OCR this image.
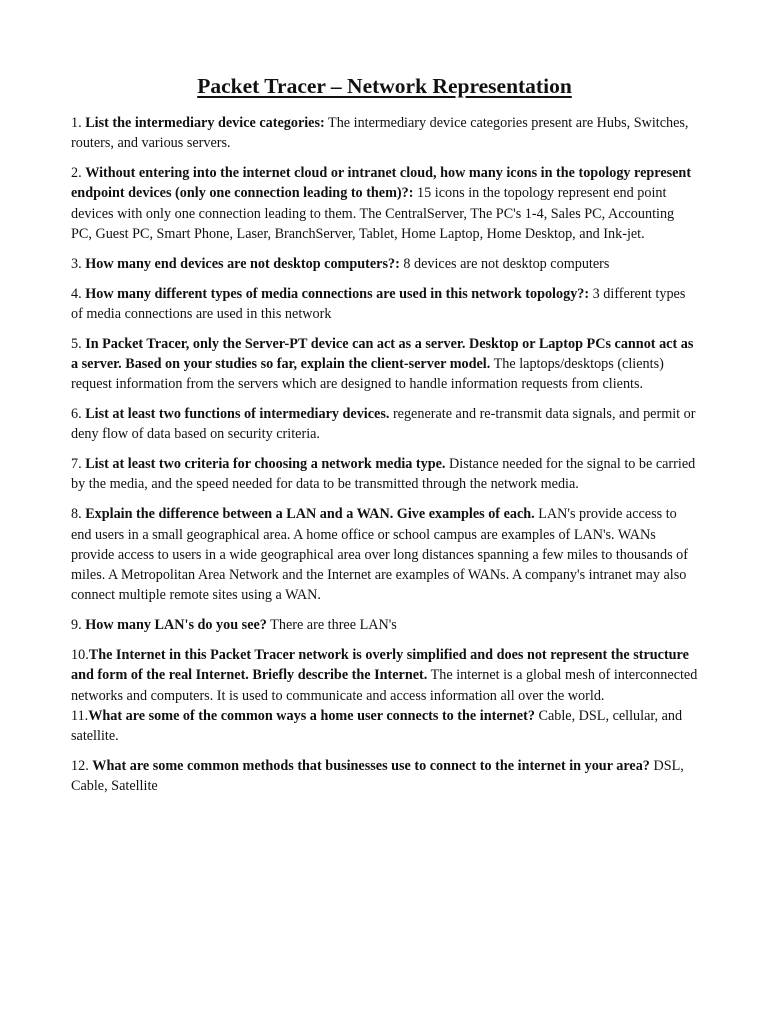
Packet Tracer – Network Representation

1. List the intermediary device categories: The intermediary device categories present are Hubs, Switches, routers, and various servers.

2. Without entering into the internet cloud or intranet cloud, how many icons in the topology represent endpoint devices (only one connection leading to them)?: 15 icons in the topology represent end point devices with only one connection leading to them. The CentralServer, The PC's 1-4, Sales PC, Accounting PC, Guest PC, Smart Phone, Laser, BranchServer, Tablet, Home Laptop, Home Desktop, and Ink-jet.

3. How many end devices are not desktop computers?: 8 devices are not desktop computers

4. How many different types of media connections are used in this network topology?: 3 different types of media connections are used in this network

5. In Packet Tracer, only the Server-PT device can act as a server. Desktop or Laptop PCs cannot act as a server. Based on your studies so far, explain the client-server model. The laptops/desktops (clients) request information from the servers which are designed to handle information requests from clients.

6. List at least two functions of intermediary devices. regenerate and re-transmit data signals, and permit or deny flow of data based on security criteria.

7. List at least two criteria for choosing a network media type. Distance needed for the signal to be carried by the media, and the speed needed for data to be transmitted through the network media.

8. Explain the difference between a LAN and a WAN. Give examples of each. LAN's provide access to end users in a small geographical area. A home office or school campus are examples of LAN's. WANs provide access to users in a wide geographical area over long distances spanning a few miles to thousands of miles. A Metropolitan Area Network and the Internet are examples of WANs. A company's intranet may also connect multiple remote sites using a WAN.

9. How many LAN's do you see? There are three LAN's

10.The Internet in this Packet Tracer network is overly simplified and does not represent the structure and form of the real Internet. Briefly describe the Internet. The internet is a global mesh of interconnected networks and computers. It is used to communicate and access information all over the world.

11.What are some of the common ways a home user connects to the internet? Cable, DSL, cellular, and satellite.

12. What are some common methods that businesses use to connect to the internet in your area? DSL, Cable, Satellite
